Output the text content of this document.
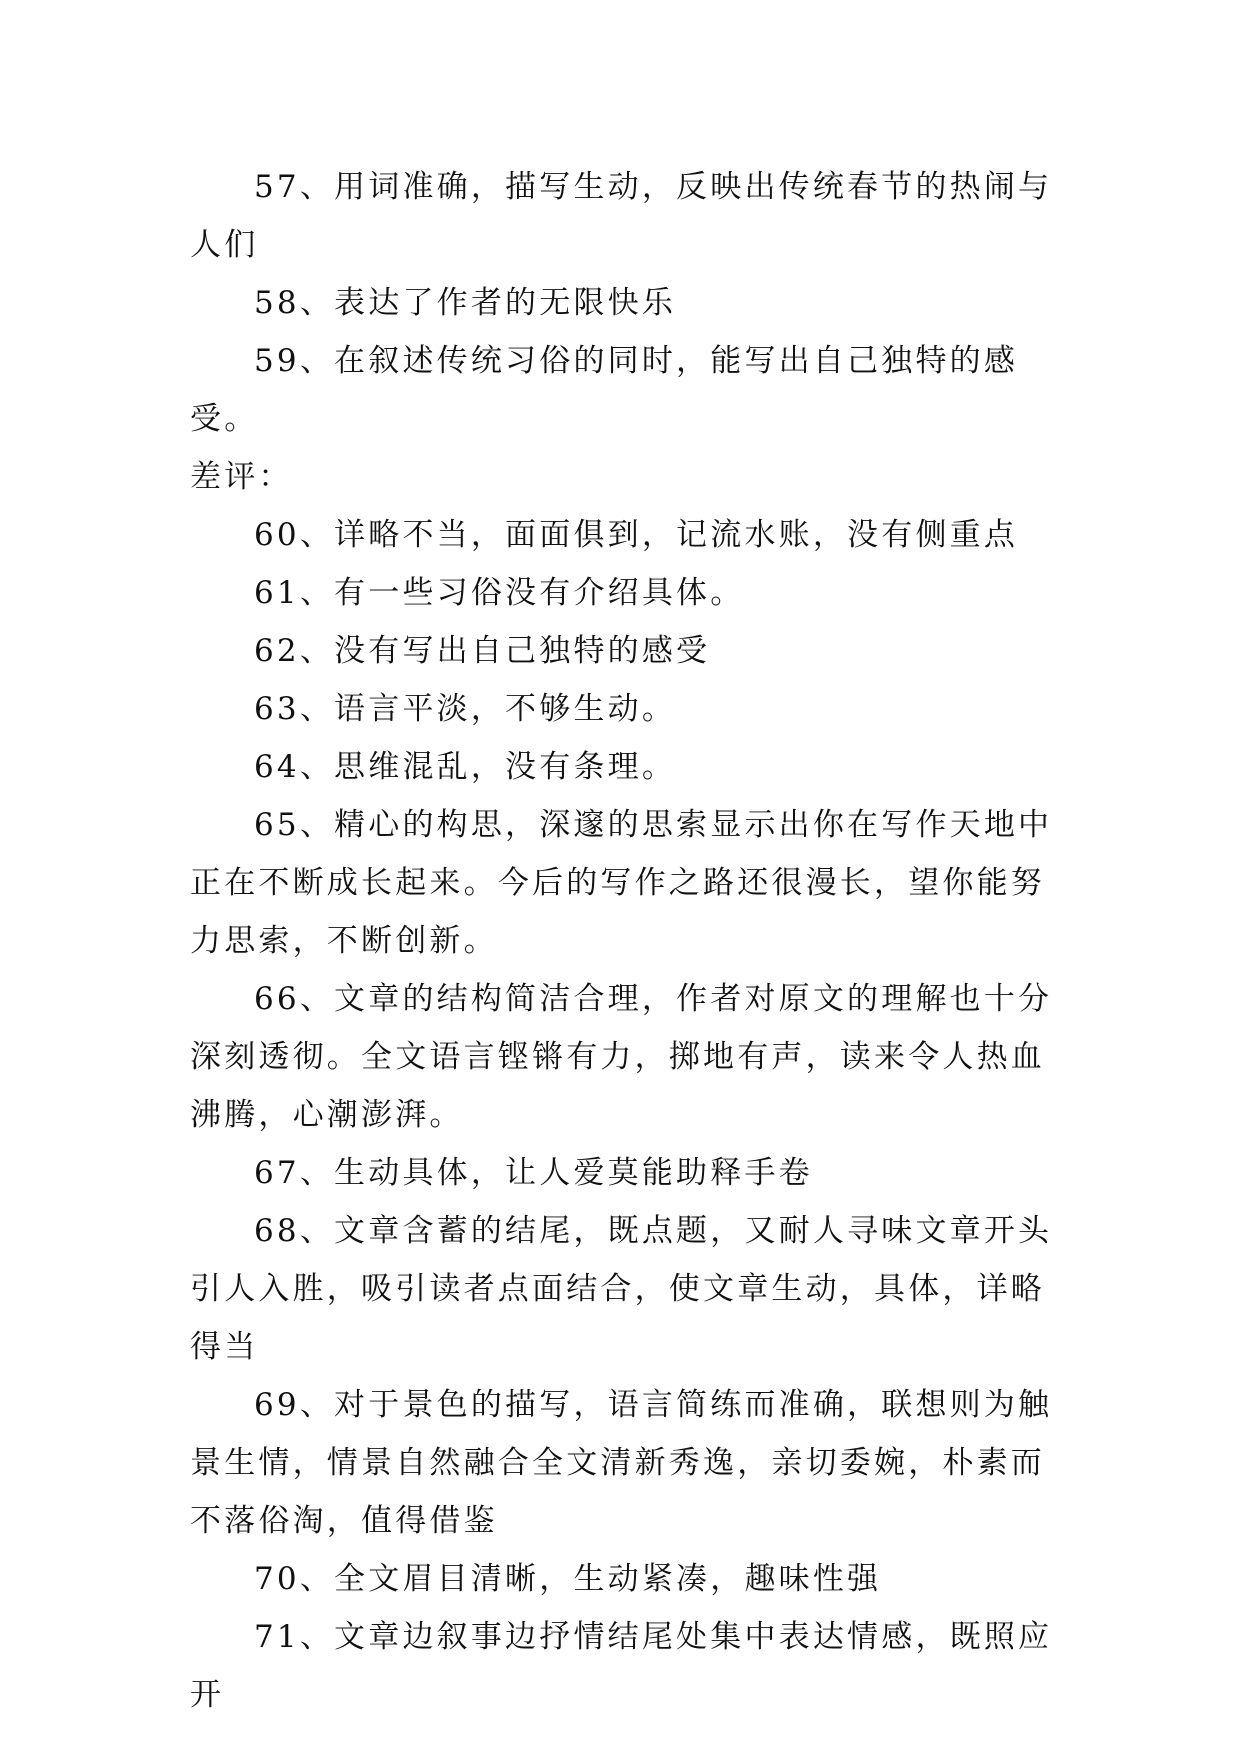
57、用词准确，描写生动，反映出传统春节的热闹与人们

58、表达了作者的无限快乐

59、在叙述传统习俗的同时，能写出自己独特的感受。

差评：

60、详略不当，面面俱到，记流水账，没有侧重点

61、有一些习俗没有介绍具体。

62、没有写出自己独特的感受

63、语言平淡，不够生动。

64、思维混乱，没有条理。

65、精心的构思，深邃的思索显示出你在写作天地中正在不断成长起来。今后的写作之路还很漫长，望你能努力思索，不断创新。

66、文章的结构简洁合理，作者对原文的理解也十分深刻透彻。全文语言铿锵有力，掷地有声，读来令人热血沸腾，心潮澎湃。

67、生动具体，让人爱莫能助释手卷

68、文章含蓄的结尾，既点题，又耐人寻味文章开头引人入胜，吸引读者点面结合，使文章生动，具体，详略得当

69、对于景色的描写，语言简练而准确，联想则为触景生情，情景自然融合全文清新秀逸，亲切委婉，朴素而不落俗淘，值得借鉴

70、全文眉目清晰，生动紧凑，趣味性强

71、文章边叙事边抒情结尾处集中表达情感，既照应开
